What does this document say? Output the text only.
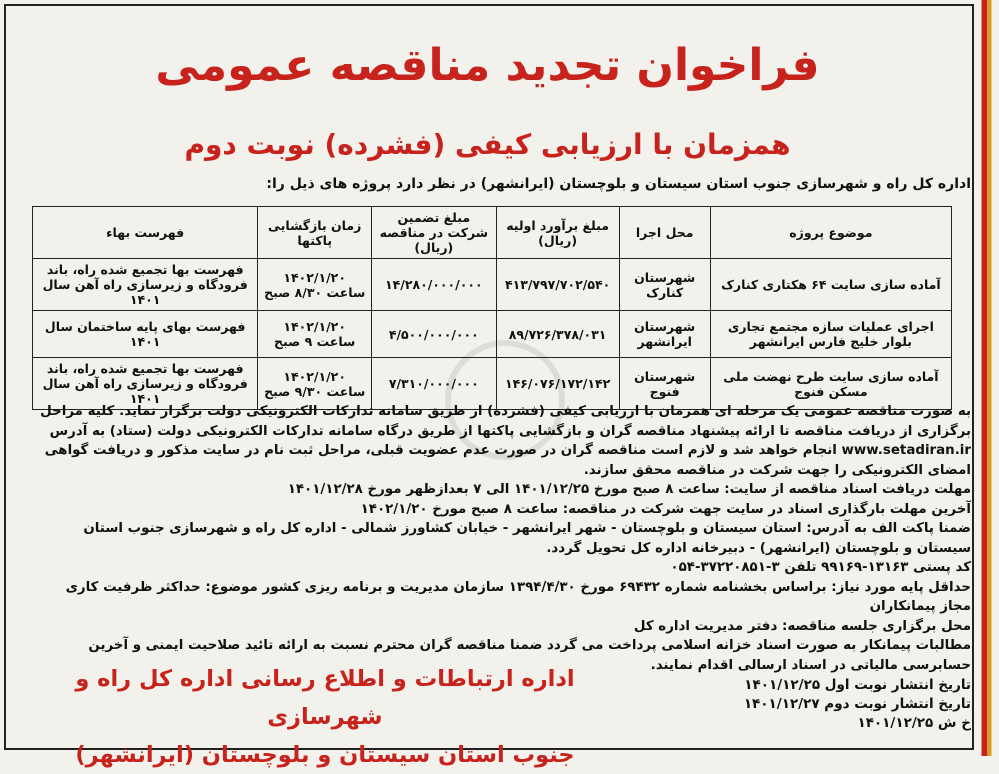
فراخوان تجدید مناقصه عمومی
همزمان با ارزیابی کیفی (فشرده) نوبت دوم
اداره کل راه و شهرسازی جنوب استان سیستان و بلوچستان (ایرانشهر) در نظر دارد پروژه های ذیل را:
موضوع پروژه	محل اجرا	مبلغ برآورد اولیه (ریال)	مبلغ تضمین شرکت در مناقصه (ریال)	زمان بازگشایی پاکتها	فهرست بهاء
آماده سازی سایت ۶۴ هکتاری کنارک	شهرستان کنارک	۴۱۳/۷۹۷/۷۰۲/۵۴۰	۱۴/۲۸۰/۰۰۰/۰۰۰	۱۴۰۲/۱/۲۰ ساعت ۸/۳۰ صبح	فهرست بها تجمیع شده راه، باند فرودگاه و زیرسازی راه آهن سال ۱۴۰۱
اجرای عملیات سازه مجتمع تجاری بلوار خلیج فارس ایرانشهر	شهرستان ایرانشهر	۸۹/۷۲۶/۳۷۸/۰۳۱	۴/۵۰۰/۰۰۰/۰۰۰	۱۴۰۲/۱/۲۰ ساعت ۹ صبح	فهرست بهای پایه ساختمان سال ۱۴۰۱
آماده سازی سایت طرح نهضت ملی مسکن فنوج	شهرستان فنوج	۱۴۶/۰۷۶/۱۷۲/۱۴۲	۷/۳۱۰/۰۰۰/۰۰۰	۱۴۰۲/۱/۲۰ ساعت ۹/۳۰ صبح	فهرست بها تجمیع شده راه، باند فرودگاه و زیرسازی راه آهن سال ۱۴۰۱

به صورت مناقصه عمومی یک مرحله ای همزمان با ارزیابی کیفی (فشرده) از طریق سامانه تدارکات الکترونیکی دولت برگزار نماید. کلیه مراحل برگزاری از دریافت مناقصه تا ارائه پیشنهاد مناقصه گران و بازگشایی پاکتها از طریق درگاه سامانه تدارکات الکترونیکی دولت (ستاد) به آدرس www.setadiran.ir انجام خواهد شد و لازم است مناقصه گران در صورت عدم عضویت قبلی، مراحل ثبت نام در سایت مذکور و دریافت گواهی امضای الکترونیکی را جهت شرکت در مناقصه محقق سازند.

مهلت دریافت اسناد مناقصه از سایت: ساعت ۸ صبح مورخ ۱۴۰۱/۱۲/۲۵ الی ۷ بعدازظهر مورخ ۱۴۰۱/۱۲/۲۸

آخرین مهلت بارگذاری اسناد در سایت جهت شرکت در مناقصه: ساعت ۸ صبح مورخ ۱۴۰۲/۱/۲۰

ضمنا پاکت الف به آدرس: استان سیستان و بلوچستان - شهر ایرانشهر - خیابان کشاورز شمالی - اداره کل راه و شهرسازی جنوب استان سیستان و بلوچستان (ایرانشهر) - دبیرخانه اداره کل تحویل گردد.

کد پستی ۱۳۱۶۳-۹۹۱۶۹ تلفن ۳-۳۷۲۲۰۸۵۱-۰۵۴

حداقل پایه مورد نیاز: براساس بخشنامه شماره ۶۹۴۳۲ مورخ ۱۳۹۴/۴/۳۰ سازمان مدیریت و برنامه ریزی کشور موضوع: حداکثر ظرفیت کاری مجاز پیمانکاران

محل برگزاری جلسه مناقصه: دفتر مدیریت اداره کل

مطالبات پیمانکار به صورت اسناد خزانه اسلامی پرداخت می گردد ضمنا مناقصه گران محترم نسبت به ارائه تائید صلاحیت ایمنی و آخرین حسابرسی مالیاتی در اسناد ارسالی اقدام نمایند.

اداره ارتباطات و اطلاع رسانی اداره کل راه و شهرسازی
جنوب استان سیستان و بلوچستان (ایرانشهر)

تاریخ انتشار نوبت اول ۱۴۰۱/۱۲/۲۵

تاریخ انتشار نوبت دوم ۱۴۰۱/۱۲/۲۷

خ ش ۱۴۰۱/۱۲/۲۵
